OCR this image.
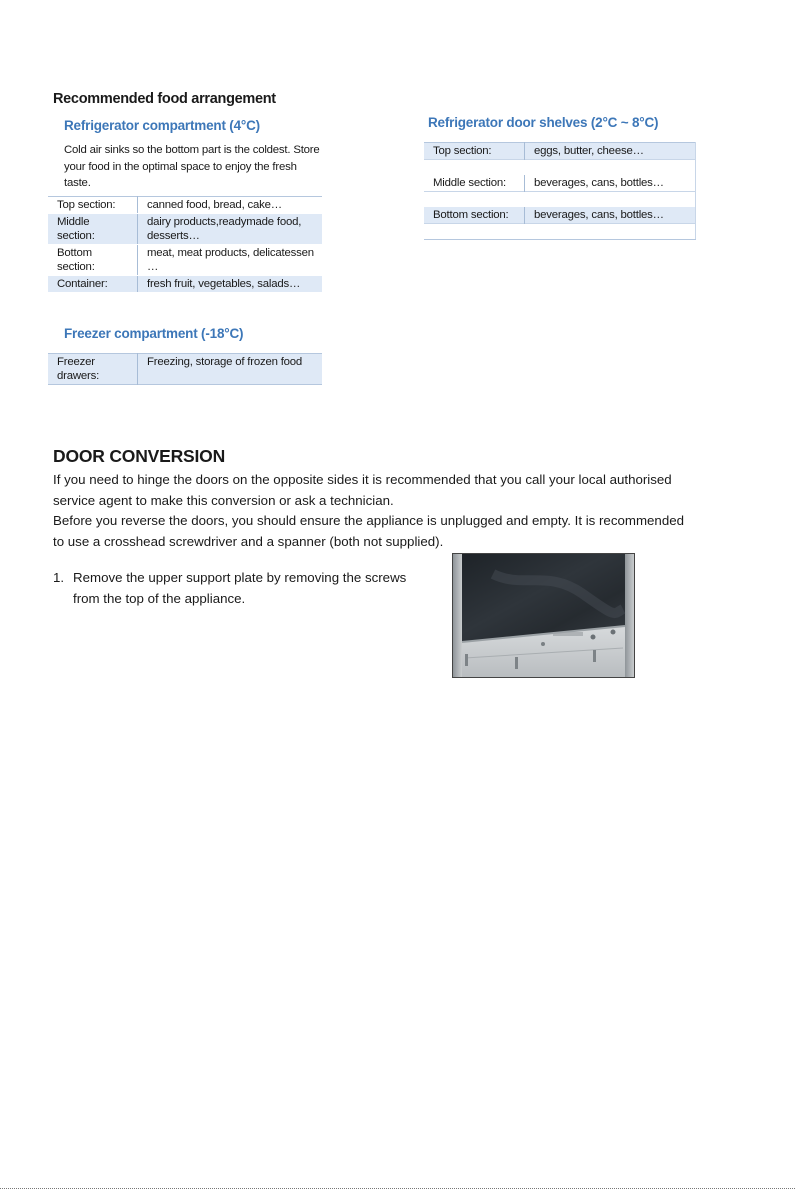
Recommended food arrangement
Refrigerator compartment (4°C)

Cold air sinks so the bottom part is the coldest. Store your food in the optimal space to enjoy the fresh taste.

Top section:	canned food, bread, cake…
Middle section:	dairy products,readymade food, desserts…
Bottom section:	meat, meat products, delicatessen …
Container:	fresh fruit, vegetables, salads…
Freezer compartment (-18°C)
Freezer drawers:	Freezing, storage of frozen food
Refrigerator door shelves (2°C ~ 8°C)
Top section:	eggs, butter, cheese…

Middle section:	beverages, cans, bottles…

Bottom section:	beverages, cans, bottles…

DOOR CONVERSION
If you need to hinge the doors on the opposite sides it is recommended that you call your local authorised service agent to make this conversion or ask a technician.
Before you reverse the doors, you should ensure the appliance is unplugged and empty. It is recommended to use a crosshead screwdriver and a spanner (both not supplied).
1. Remove the upper support plate by removing the screws from the top of the appliance.
